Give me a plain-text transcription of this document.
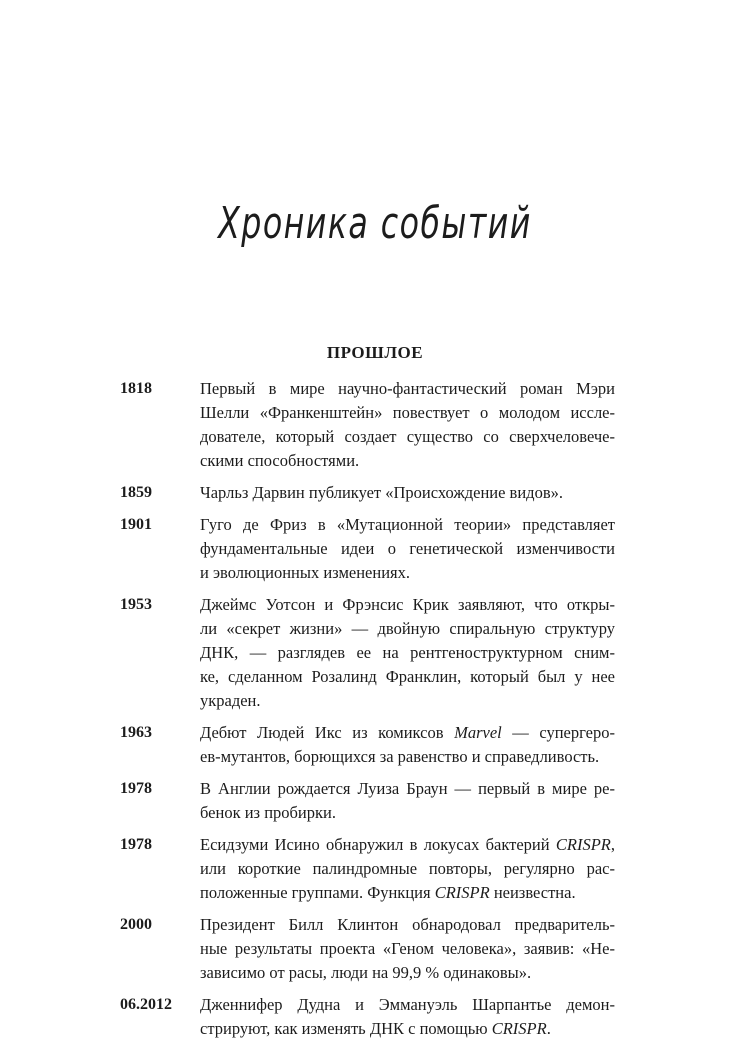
Хроника событий
ПРОШЛОЕ
1818	Первый в мире научно-фантастический роман Мэри
Шелли «Франкенштейн» повествует о молодом иссле-
дователе, который создает существо со сверхчеловече-
скими способностями.
1859	Чарльз Дарвин публикует «Происхождение видов».
1901	Гуго де Фриз в «Мутационной теории» представляет
фундаментальные идеи о генетической изменчивости
и эволюционных изменениях.
1953	Джеймс Уотсон и Фрэнсис Крик заявляют, что откры-
ли «секрет жизни» — двойную спиральную структуру
ДНК, — разглядев ее на рентгеноструктурном сним-
ке, сделанном Розалинд Франклин, который был у нее
украден.
1963	Дебют Людей Икс из комиксов Marvel — супергеро-
ев-мутантов, борющихся за равенство и справедливость.
1978	В Англии рождается Луиза Браун — первый в мире ре-
бенок из пробирки.
1978	Есидзуми Исино обнаружил в локусах бактерий CRISPR,
или короткие палиндромные повторы, регулярно рас-
положенные группами. Функция CRISPR неизвестна.
2000	Президент Билл Клинтон обнародовал предваритель-
ные результаты проекта «Геном человека», заявив: «Не-
зависимо от расы, люди на 99,9 % одинаковы».
06.2012 Дженнифер Дудна и Эммануэль Шарпантье демон-
стрируют, как изменять ДНК с помощью CRISPR.
